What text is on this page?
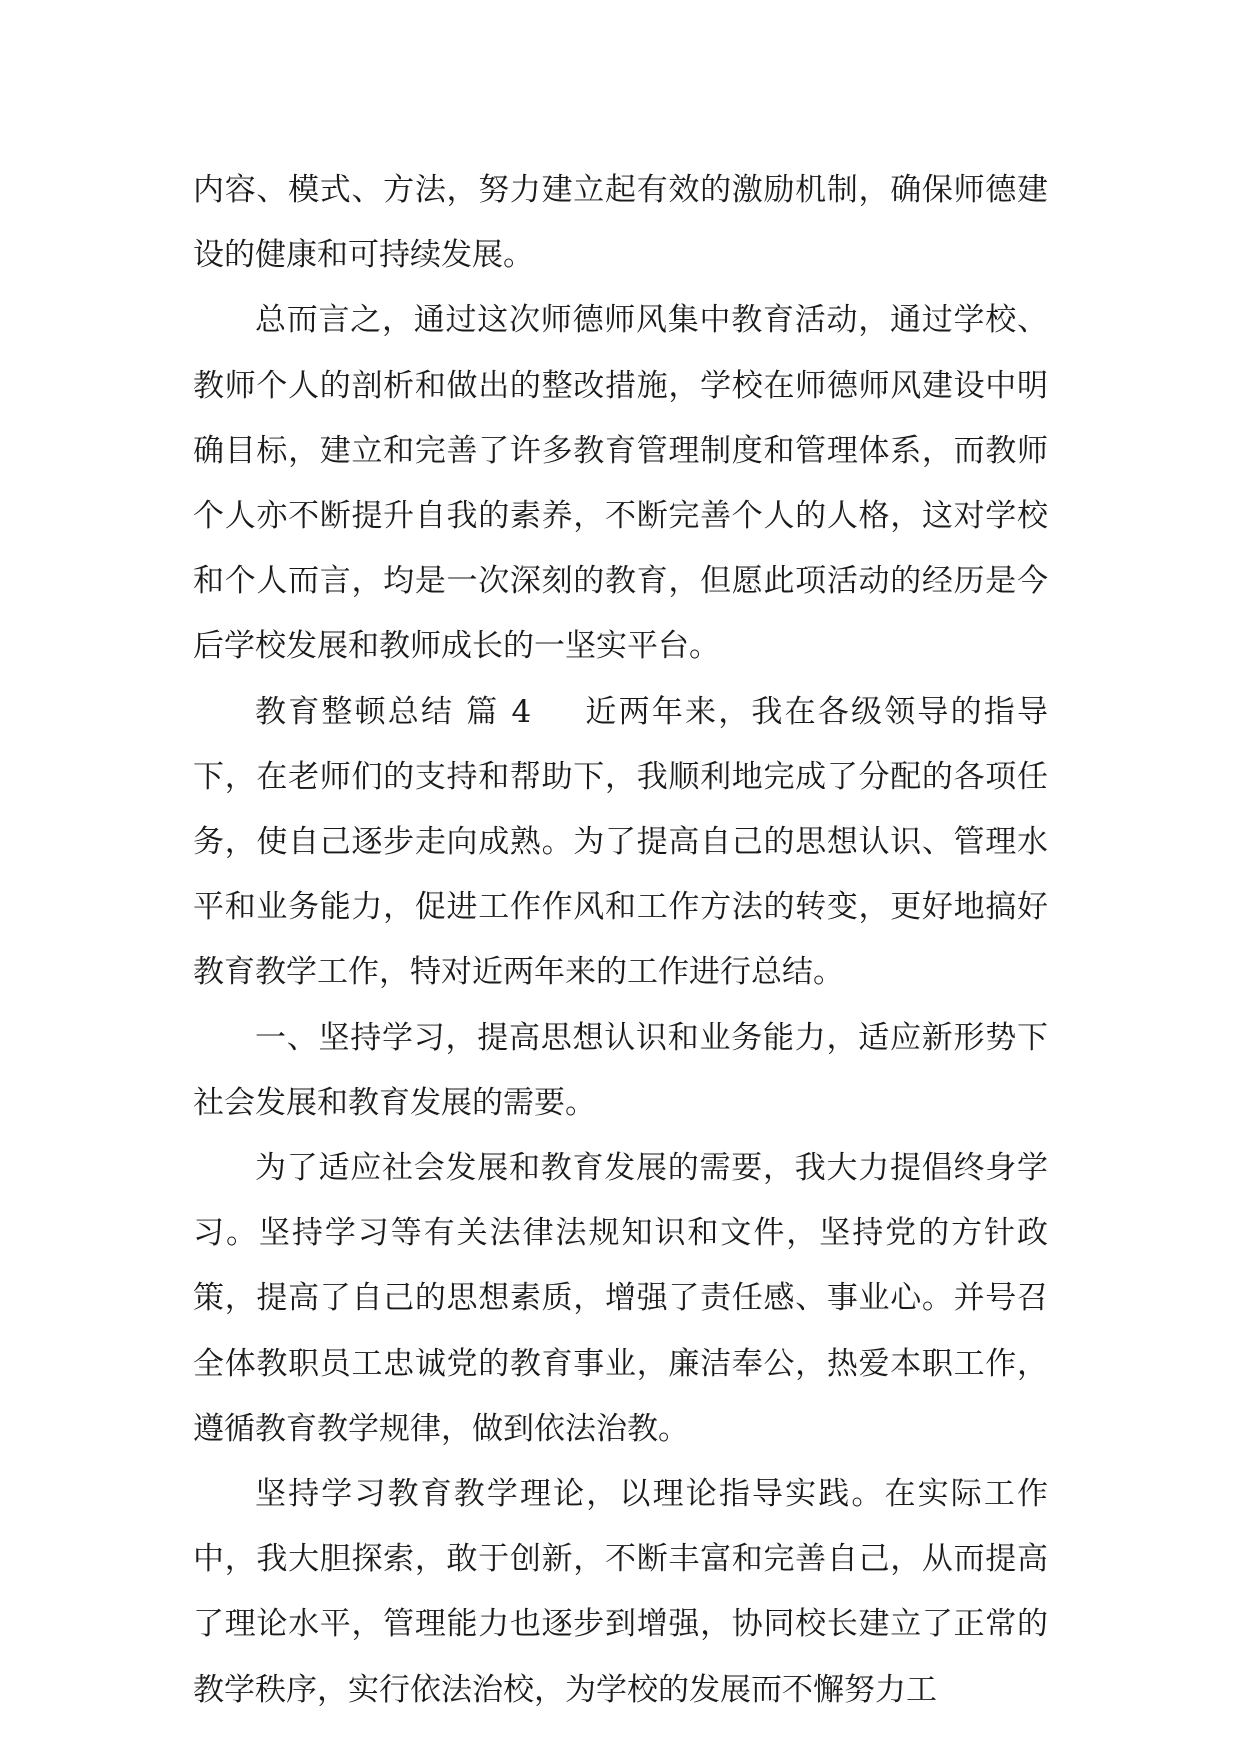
内容、模式、方法，努力建立起有效的激励机制，确保师德建设的健康和可持续发展。

总而言之，通过这次师德师风集中教育活动，通过学校、教师个人的剖析和做出的整改措施，学校在师德师风建设中明确目标，建立和完善了许多教育管理制度和管理体系，而教师个人亦不断提升自我的素养，不断完善个人的人格，这对学校和个人而言，均是一次深刻的教育，但愿此项活动的经历是今后学校发展和教师成长的一坚实平台。

教育整顿总结 篇 4 近两年来，我在各级领导的指导下，在老师们的支持和帮助下，我顺利地完成了分配的各项任务，使自己逐步走向成熟。为了提高自己的思想认识、管理水平和业务能力，促进工作作风和工作方法的转变，更好地搞好教育教学工作，特对近两年来的工作进行总结。

一、坚持学习，提高思想认识和业务能力，适应新形势下社会发展和教育发展的需要。

为了适应社会发展和教育发展的需要，我大力提倡终身学习。坚持学习等有关法律法规知识和文件，坚持党的方针政策，提高了自己的思想素质，增强了责任感、事业心。并号召全体教职员工忠诚党的教育事业，廉洁奉公，热爱本职工作，遵循教育教学规律，做到依法治教。

坚持学习教育教学理论，以理论指导实践。在实际工作中，我大胆探索，敢于创新，不断丰富和完善自己，从而提高了理论水平，管理能力也逐步到增强，协同校长建立了正常的教学秩序，实行依法治校，为学校的发展而不懈努力工
